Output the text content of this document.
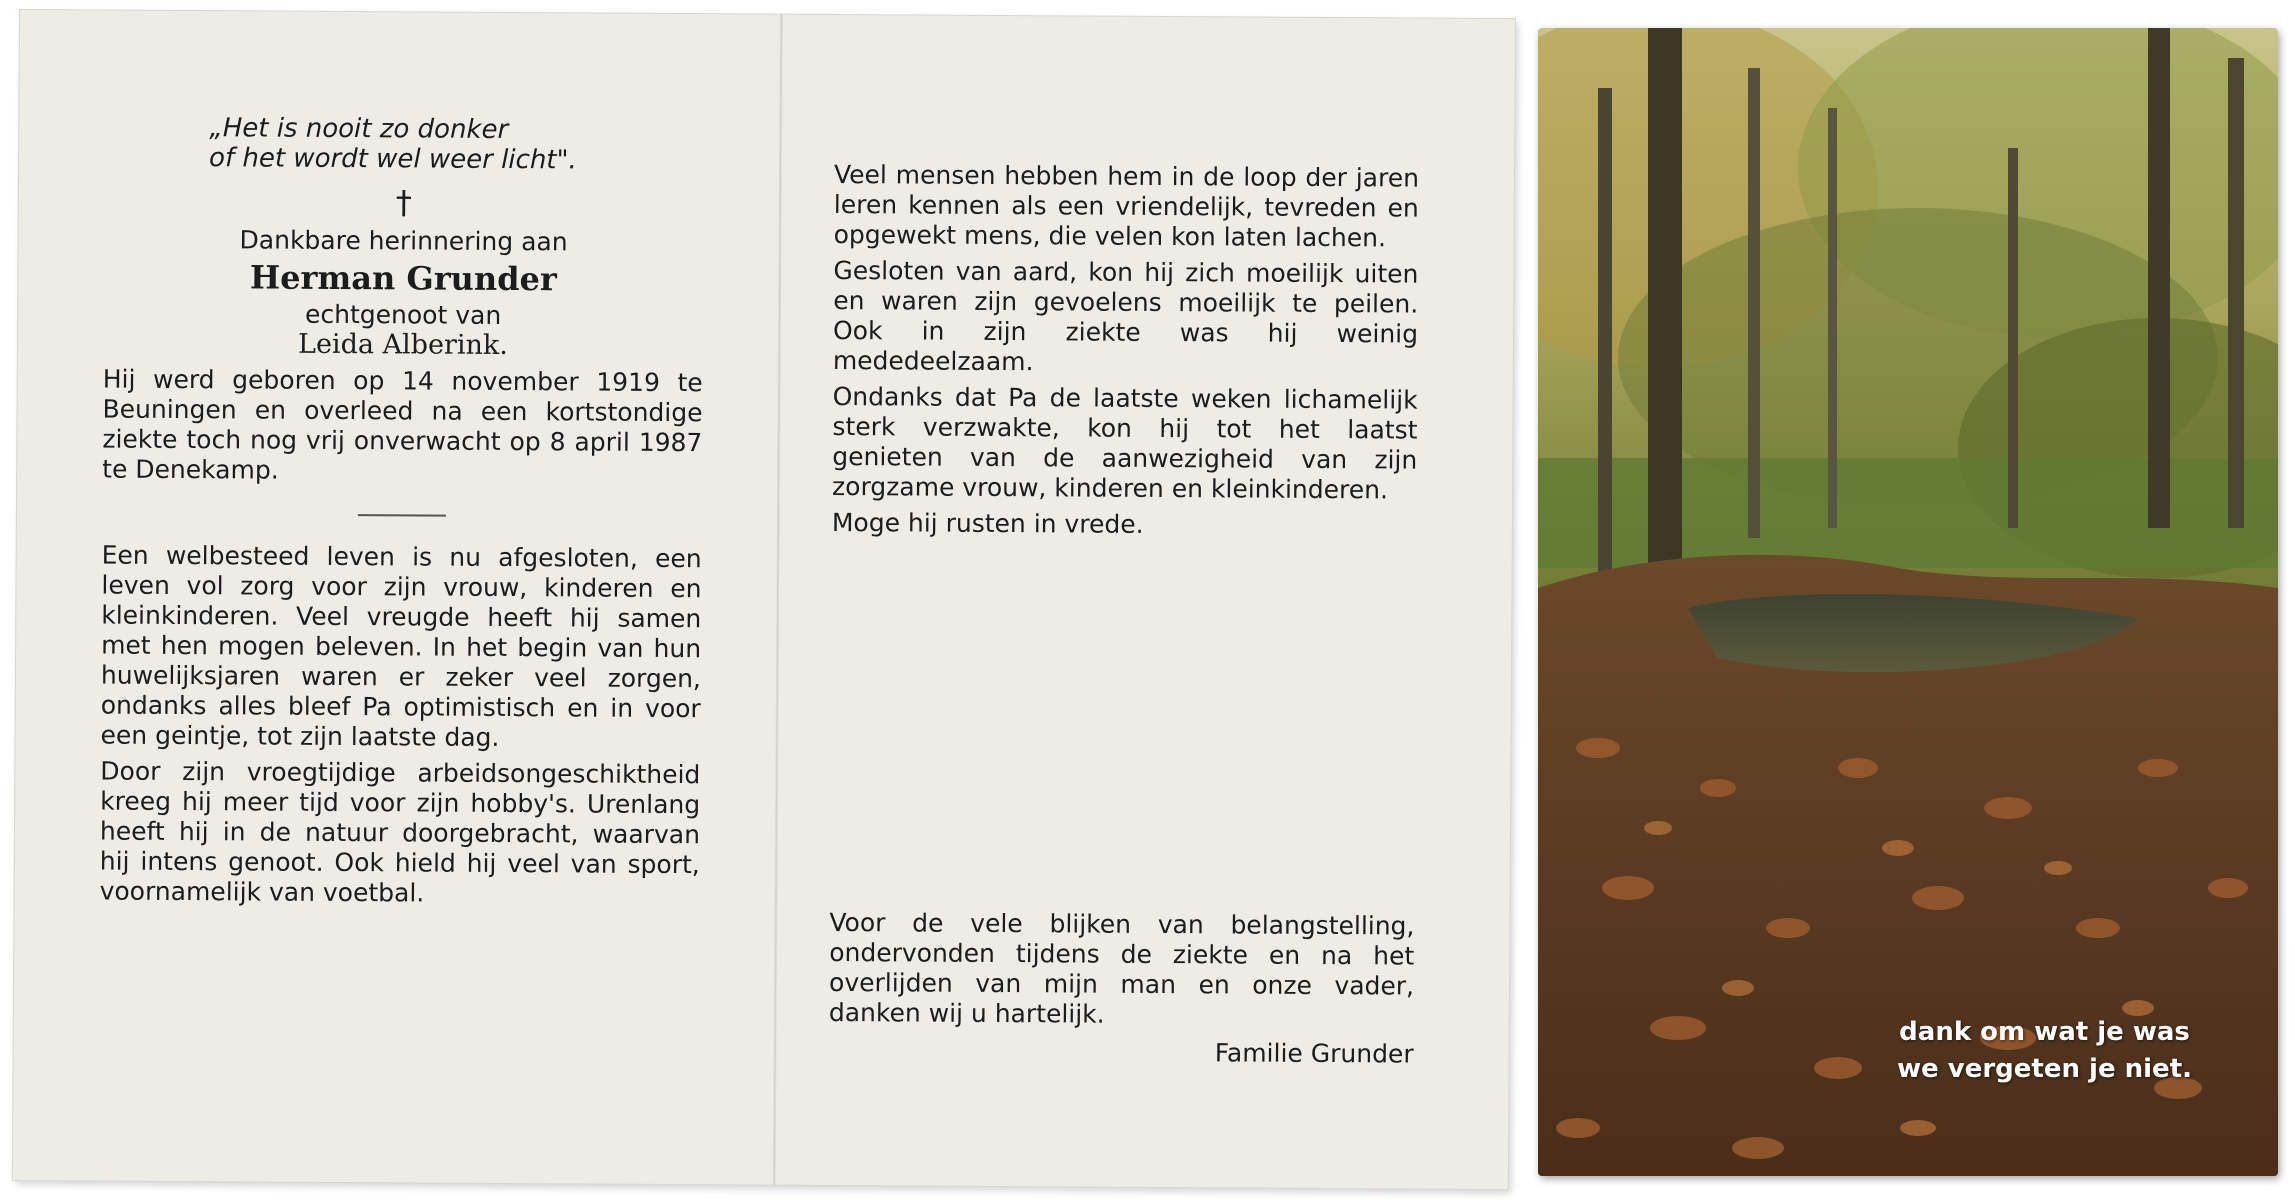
„Het is nooit zo donker

of het wordt wel weer licht".

†

Dankbare herinnering aan

Herman Grunder

echtgenoot van

Leida Alberink.

Hij werd geboren op 14 november 1919 te Beuningen en overleed na een kortstondige ziekte toch nog vrij onverwacht op 8 april 1987 te Denekamp.

Een welbesteed leven is nu afgesloten, een leven vol zorg voor zijn vrouw, kinderen en kleinkinderen. Veel vreugde heeft hij samen met hen mogen beleven. In het begin van hun huwelijksjaren waren er zeker veel zorgen, ondanks alles bleef Pa optimistisch en in voor een geintje, tot zijn laatste dag.

Door zijn vroegtijdige arbeidsongeschiktheid kreeg hij meer tijd voor zijn hobby's. Urenlang heeft hij in de natuur doorgebracht, waarvan hij intens genoot. Ook hield hij veel van sport, voornamelijk van voetbal.

Veel mensen hebben hem in de loop der jaren leren kennen als een vriendelijk, tevreden en opgewekt mens, die velen kon laten lachen.

Gesloten van aard, kon hij zich moeilijk uiten en waren zijn gevoelens moeilijk te peilen. Ook in zijn ziekte was hij weinig mededeelzaam.

Ondanks dat Pa de laatste weken lichamelijk sterk verzwakte, kon hij tot het laatst genieten van de aanwezigheid van zijn zorgzame vrouw, kinderen en kleinkinderen.

Moge hij rusten in vrede.

Voor de vele blijken van belangstelling, ondervonden tijdens de ziekte en na het overlijden van mijn man en onze vader, danken wij u hartelijk.

Familie Grunder

dank om wat je was
we vergeten je niet.
